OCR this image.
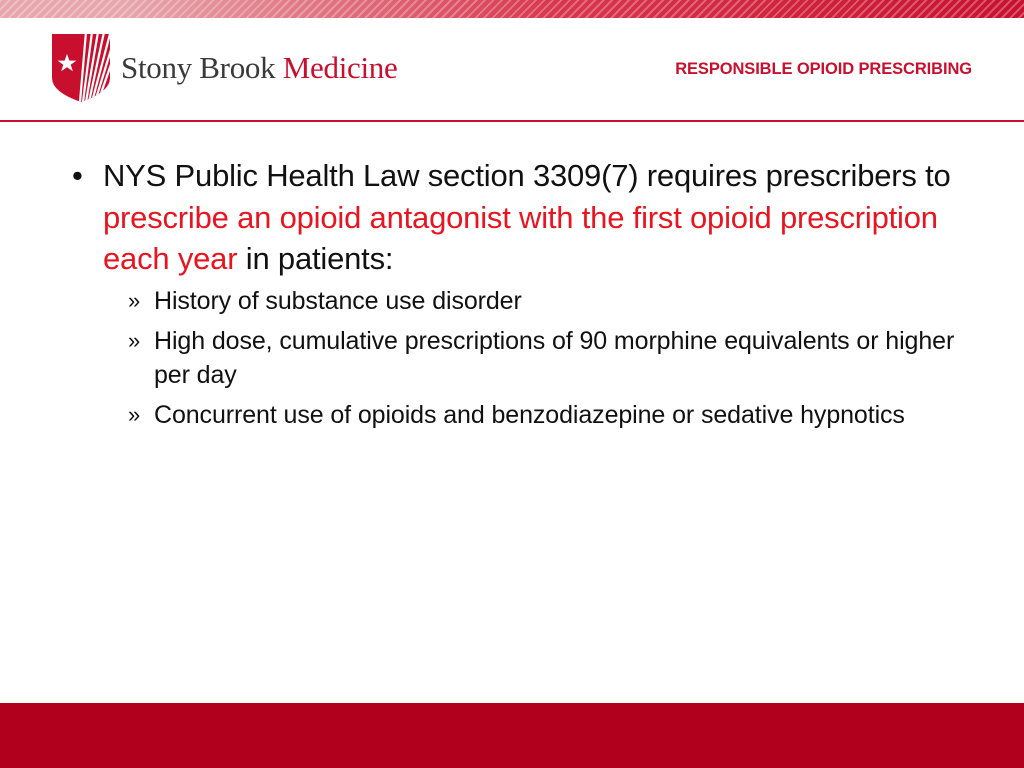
Stony Brook Medicine	RESPONSIBLE OPIOID PRESCRIBING
• NYS Public Health Law section 3309(7) requires prescribers to prescribe an opioid antagonist with the first opioid prescription each year in patients:
» History of substance use disorder
» High dose, cumulative prescriptions of 90 morphine equivalents or higher per day
» Concurrent use of opioids and benzodiazepine or sedative hypnotics
